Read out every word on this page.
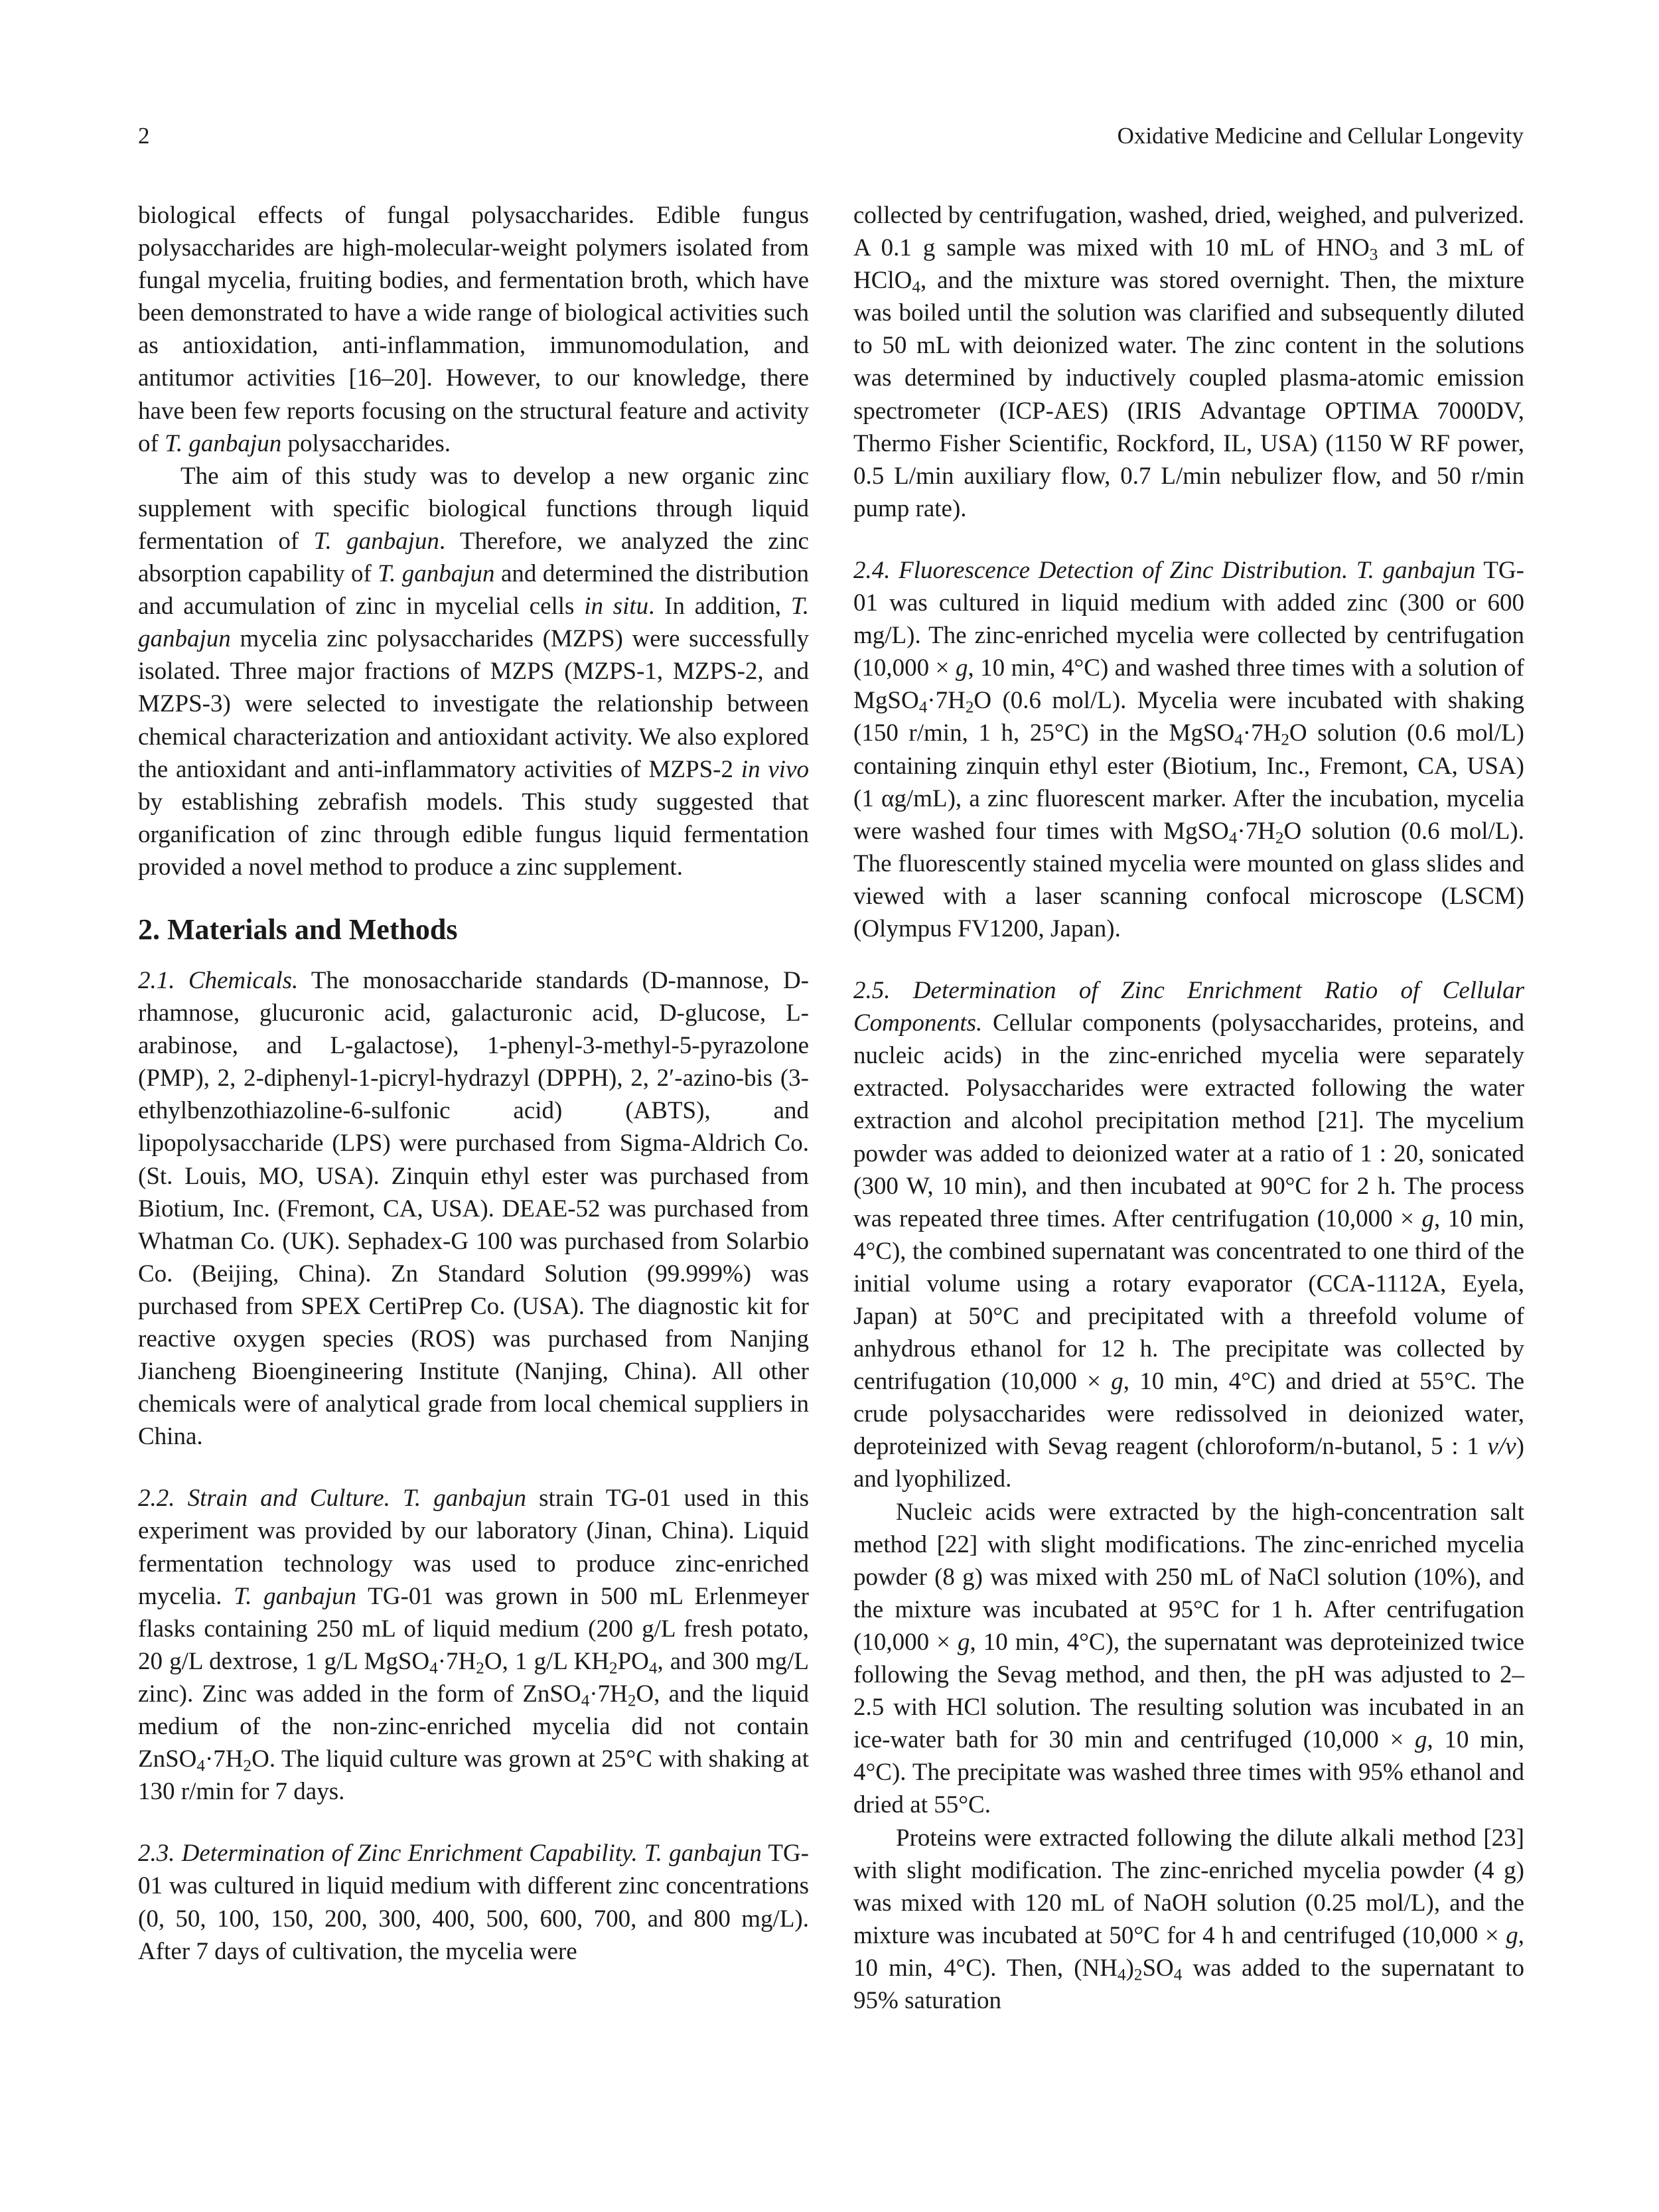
2	Oxidative Medicine and Cellular Longevity

biological effects of fungal polysaccharides. Edible fungus polysaccharides are high-molecular-weight polymers isolated from fungal mycelia, fruiting bodies, and fermentation broth, which have been demonstrated to have a wide range of biological activities such as antioxidation, anti-inflammation, immunomodulation, and antitumor activities [16–20]. However, to our knowledge, there have been few reports focusing on the structural feature and activity of T. ganbajun polysaccharides.

The aim of this study was to develop a new organic zinc supplement with specific biological functions through liquid fermentation of T. ganbajun. Therefore, we analyzed the zinc absorption capability of T. ganbajun and determined the distribution and accumulation of zinc in mycelial cells in situ. In addition, T. ganbajun mycelia zinc polysaccharides (MZPS) were successfully isolated. Three major fractions of MZPS (MZPS-1, MZPS-2, and MZPS-3) were selected to investigate the relationship between chemical characterization and antioxidant activity. We also explored the antioxidant and anti-inflammatory activities of MZPS-2 in vivo by establishing zebrafish models. This study suggested that organification of zinc through edible fungus liquid fermentation provided a novel method to produce a zinc supplement.

2. Materials and Methods

2.1. Chemicals. The monosaccharide standards (D-mannose, D-rhamnose, glucuronic acid, galacturonic acid, D-glucose, L-arabinose, and L-galactose), 1-phenyl-3-methyl-5-pyrazolone (PMP), 2, 2-diphenyl-1-picryl-hydrazyl (DPPH), 2, 2′-azino-bis (3-ethylbenzothiazoline-6-sulfonic acid) (ABTS), and lipopolysaccharide (LPS) were purchased from Sigma-Aldrich Co. (St. Louis, MO, USA). Zinquin ethyl ester was purchased from Biotium, Inc. (Fremont, CA, USA). DEAE-52 was purchased from Whatman Co. (UK). Sephadex-G 100 was purchased from Solarbio Co. (Beijing, China). Zn Standard Solution (99.999%) was purchased from SPEX CertiPrep Co. (USA). The diagnostic kit for reactive oxygen species (ROS) was purchased from Nanjing Jiancheng Bioengineering Institute (Nanjing, China). All other chemicals were of analytical grade from local chemical suppliers in China.

2.2. Strain and Culture. T. ganbajun strain TG-01 used in this experiment was provided by our laboratory (Jinan, China). Liquid fermentation technology was used to produce zinc-enriched mycelia. T. ganbajun TG-01 was grown in 500 mL Erlenmeyer flasks containing 250 mL of liquid medium (200 g/L fresh potato, 20 g/L dextrose, 1 g/L $MgSO_4\cdot 7H_2O$, 1 g/L $KH_2PO_4$, and 300 mg/L zinc). Zinc was added in the form of $ZnSO_4\cdot 7H_2O$, and the liquid medium of the non-zinc-enriched mycelia did not contain $ZnSO_4\cdot 7H_2O$. The liquid culture was grown at 25°C with shaking at 130 r/min for 7 days.

2.3. Determination of Zinc Enrichment Capability. T. ganbajun TG-01 was cultured in liquid medium with different zinc concentrations (0, 50, 100, 150, 200, 300, 400, 500, 600, 700, and 800 mg/L). After 7 days of cultivation, the mycelia were

collected by centrifugation, washed, dried, weighed, and pulverized. A 0.1 g sample was mixed with 10 mL of $HNO_3$ and 3 mL of HClO$_4$, and the mixture was stored overnight. Then, the mixture was boiled until the solution was clarified and subsequently diluted to 50 mL with deionized water. The zinc content in the solutions was determined by inductively coupled plasma-atomic emission spectrometer (ICP-AES) (IRIS Advantage OPTIMA 7000DV, Thermo Fisher Scientific, Rockford, IL, USA) (1150 W RF power, 0.5 L/min auxiliary flow, 0.7 L/min nebulizer flow, and 50 r/min pump rate).

2.4. Fluorescence Detection of Zinc Distribution. T. ganbajun TG-01 was cultured in liquid medium with added zinc (300 or 600 mg/L). The zinc-enriched mycelia were collected by centrifugation (10,000 × g, 10 min, 4°C) and washed three times with a solution of $MgSO_4\cdot 7H_2O$ (0.6 mol/L). Mycelia were incubated with shaking (150 r/min, 1 h, 25°C) in the $MgSO_4\cdot 7H_2O$ solution (0.6 mol/L) containing zinquin ethyl ester (Biotium, Inc., Fremont, CA, USA) (1 αg/mL), a zinc fluorescent marker. After the incubation, mycelia were washed four times with $MgSO_4\cdot 7H_2O$ solution (0.6 mol/L). The fluorescently stained mycelia were mounted on glass slides and viewed with a laser scanning confocal microscope (LSCM) (Olympus FV1200, Japan).

2.5. Determination of Zinc Enrichment Ratio of Cellular Components. Cellular components (polysaccharides, proteins, and nucleic acids) in the zinc-enriched mycelia were separately extracted. Polysaccharides were extracted following the water extraction and alcohol precipitation method [21]. The mycelium powder was added to deionized water at a ratio of 1 : 20, sonicated (300 W, 10 min), and then incubated at 90°C for 2 h. The process was repeated three times. After centrifugation (10,000 × g, 10 min, 4°C), the combined supernatant was concentrated to one third of the initial volume using a rotary evaporator (CCA-1112A, Eyela, Japan) at 50°C and precipitated with a threefold volume of anhydrous ethanol for 12 h. The precipitate was collected by centrifugation (10,000 × g, 10 min, 4°C) and dried at 55°C. The crude polysaccharides were redissolved in deionized water, deproteinized with Sevag reagent (chloroform/n-butanol, 5 : 1 v/v) and lyophilized.

Nucleic acids were extracted by the high-concentration salt method [22] with slight modifications. The zinc-enriched mycelia powder (8 g) was mixed with 250 mL of NaCl solution (10%), and the mixture was incubated at 95°C for 1 h. After centrifugation (10,000 × g, 10 min, 4°C), the supernatant was deproteinized twice following the Sevag method, and then, the pH was adjusted to 2–2.5 with HCl solution. The resulting solution was incubated in an ice-water bath for 30 min and centrifuged (10,000 × g, 10 min, 4°C). The precipitate was washed three times with 95% ethanol and dried at 55°C.

Proteins were extracted following the dilute alkali method [23] with slight modification. The zinc-enriched mycelia powder (4 g) was mixed with 120 mL of NaOH solution (0.25 mol/L), and the mixture was incubated at 50°C for 4 h and centrifuged (10,000 × g, 10 min, 4°C). Then, $(NH_4)_2SO_4$ was added to the supernatant to 95% saturation
